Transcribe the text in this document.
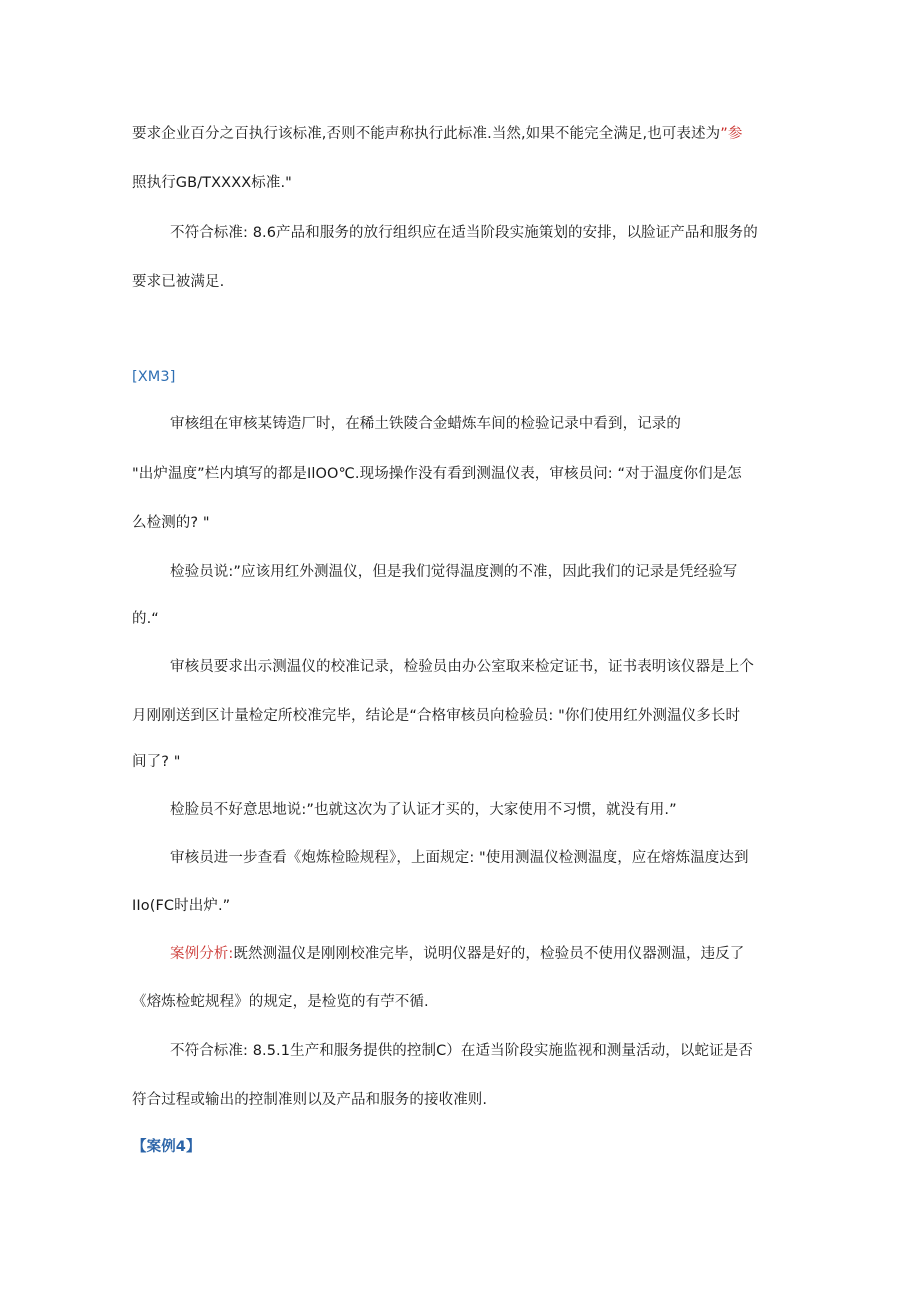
要求企业百分之百执行该标准,否则不能声称执行此标准.当然,如果不能完全满足,也可表述为”参
照执行GB/TXXXX标准."
不符合标准: 8.6产品和服务的放行组织应在适当阶段实施策划的安排，以脸证产品和服务的
要求已被满足.
[XM3]
审核组在审核某铸造厂时，在稀土铁陵合金蜡炼车间的检验记录中看到，记录的
"出炉温度”栏内填写的都是IlOO℃.现场操作没有看到测温仪表，审核员问: “对于温度你们是怎
么检测的? "
检验员说:”应该用红外测温仪，但是我们觉得温度测的不准，因此我们的记录是凭经验写
的.“
审核员要求出示测温仪的校准记录，检验员由办公室取来检定证书，证书表明该仪器是上个
月刚刚送到区计量检定所校准完毕，结论是“合格审核员向检验员: "你们使用红外测温仪多长时
间了? "
检脸员不好意思地说:”也就这次为了认证才买的，大家使用不习惯，就没有用.”
审核员进一步查看《炮炼检睑规程》，上面规定: "使用测温仪检测温度，应在熔炼温度达到
IIo(FC时出炉.”
案例分析:既然测温仪是刚刚校准完毕，说明仪器是好的，检验员不使用仪器测温，违反了
《熔炼检蛇规程》的规定，是检览的有苧不循.
不符合标准: 8.5.1生产和服务提供的控制C）在适当阶段实施监视和测量活动，以蛇证是否
符合过程或输出的控制准则以及产品和服务的接收准则.
【案例4】
